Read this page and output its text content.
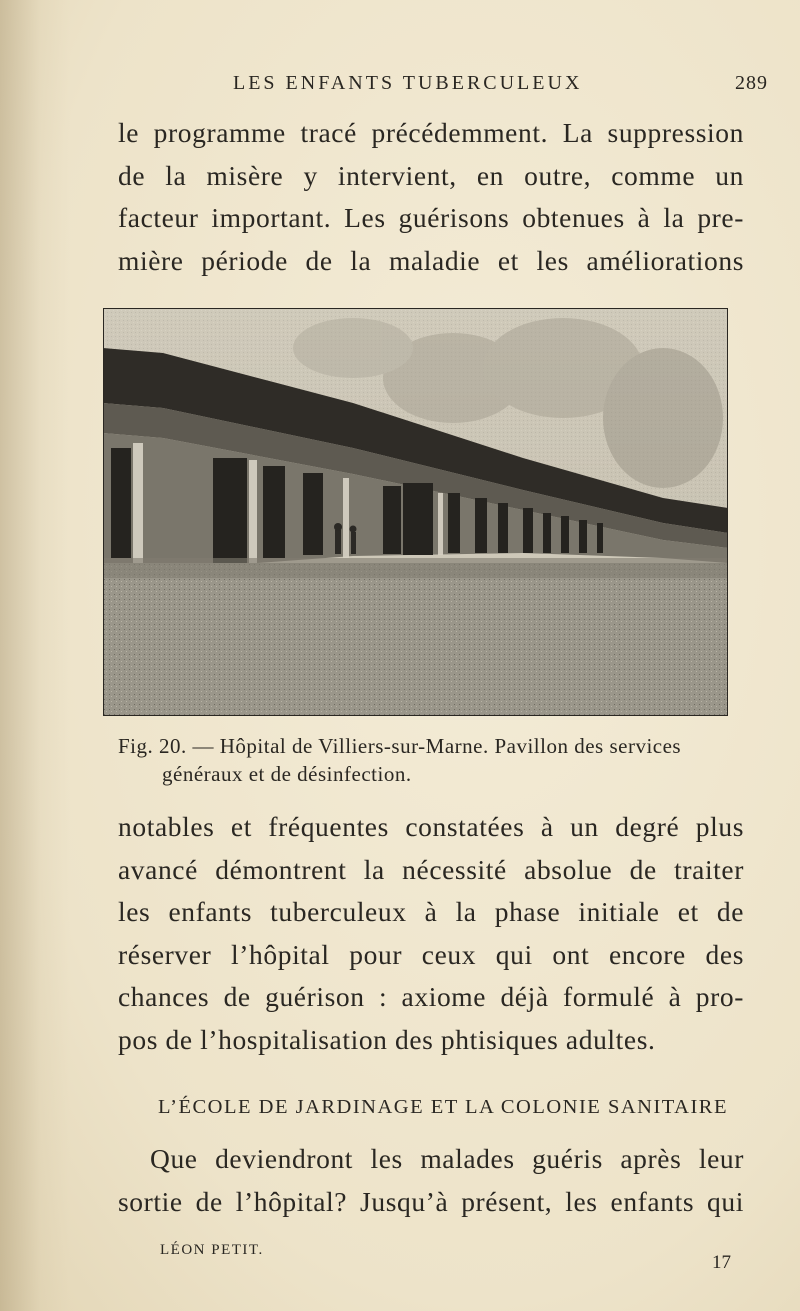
LES ENFANTS TUBERCULEUX	289
le programme tracé précédemment. La suppression
de la misère y intervient, en outre, comme un
facteur important. Les guérisons obtenues à la pre-
mière période de la maladie et les améliorations
Fig. 20. — Hôpital de Villiers-sur-Marne. Pavillon des services
généraux et de désinfection.
notables et fréquentes constatées à un degré plus
avancé démontrent la nécessité absolue de traiter
les enfants tuberculeux à la phase initiale et de
réserver l’hôpital pour ceux qui ont encore des
chances de guérison : axiome déjà formulé à pro-
pos de l’hospitalisation des phtisiques adultes.
L’ÉCOLE DE JARDINAGE ET LA COLONIE SANITAIRE
Que deviendront les malades guéris après leur
sortie de l’hôpital? Jusqu’à présent, les enfants qui
LÉON PETIT.
17
